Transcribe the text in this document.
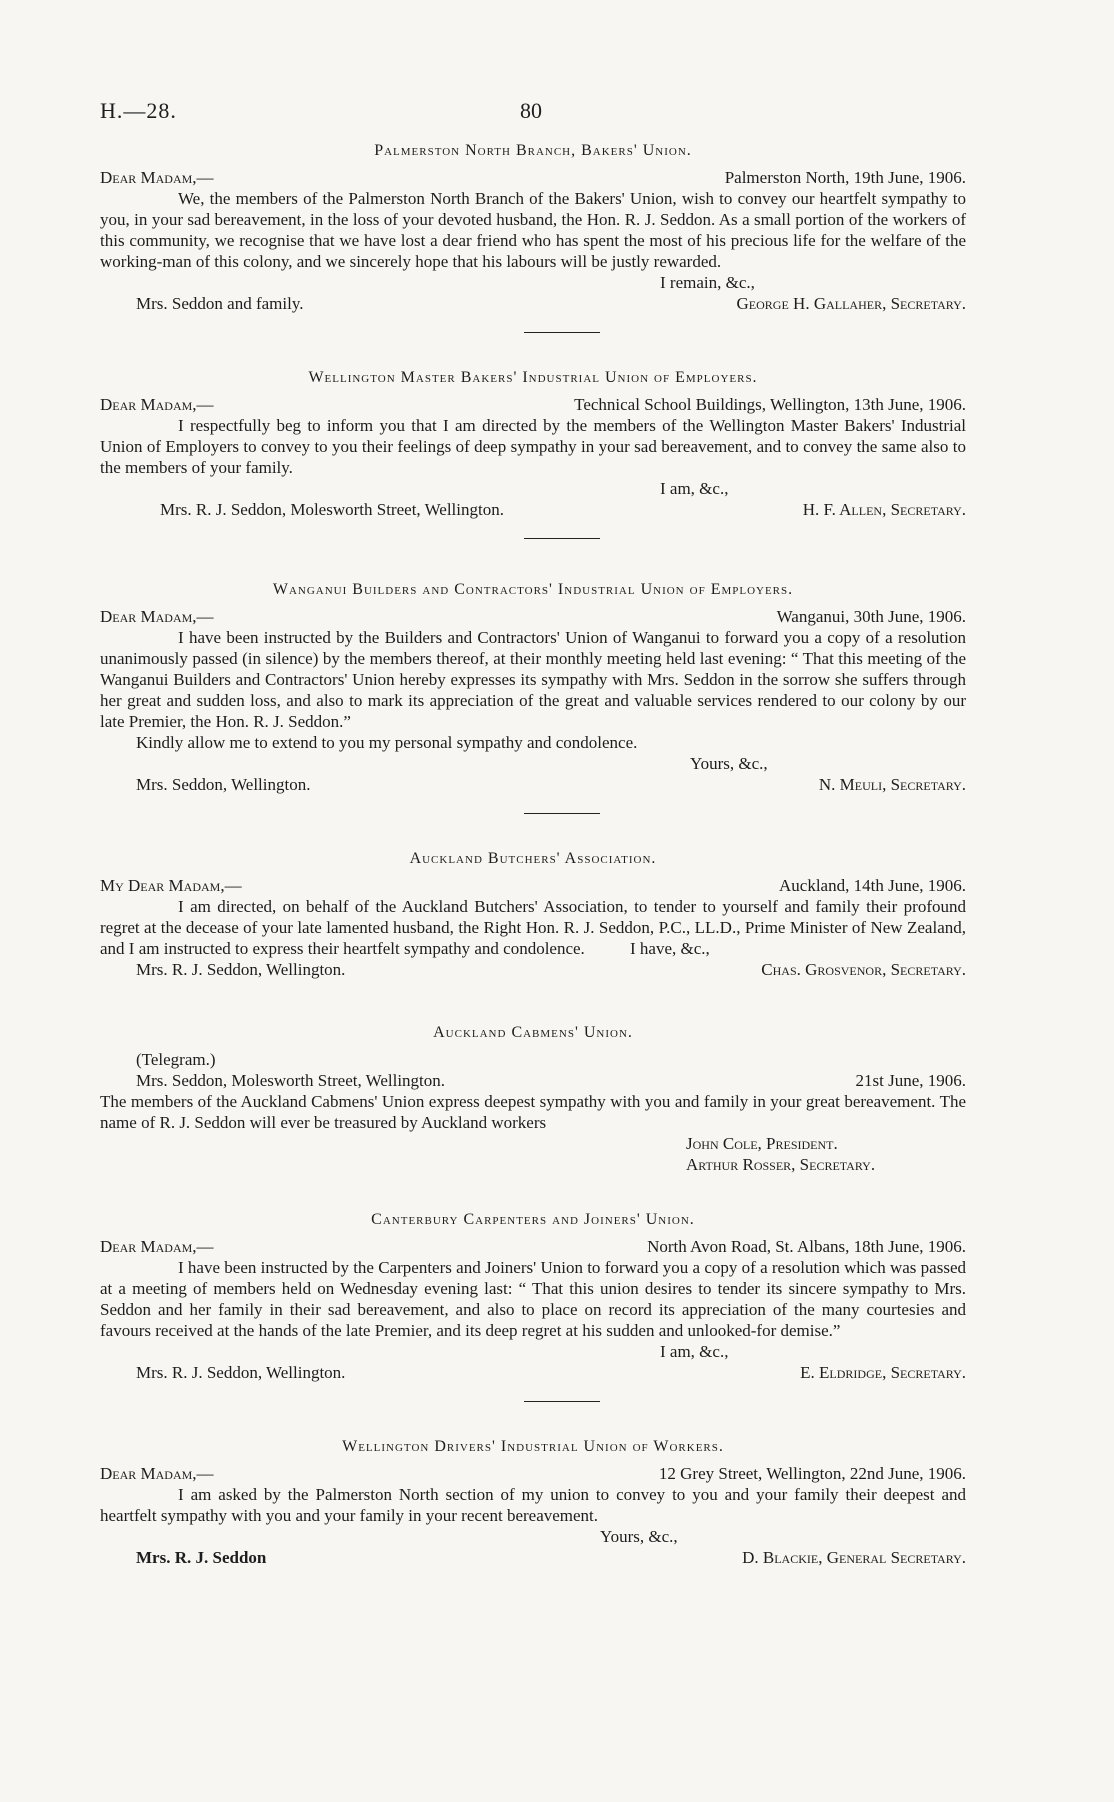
H.—28.	80
Palmerston North Branch, Bakers' Union.
Dear Madam,—	Palmerston North, 19th June, 1906.

We, the members of the Palmerston North Branch of the Bakers' Union, wish to convey our heartfelt sympathy to you, in your sad bereavement, in the loss of your devoted husband, the Hon. R. J. Seddon. As a small portion of the workers of this community, we recognise that we have lost a dear friend who has spent the most of his precious life for the welfare of the working-man of this colony, and we sincerely hope that his labours will be justly rewarded.

I remain, &c.,
Mrs. Seddon and family.	George H. Gallaher, Secretary.
Wellington Master Bakers' Industrial Union of Employers.
Dear Madam,—	Technical School Buildings, Wellington, 13th June, 1906.

I respectfully beg to inform you that I am directed by the members of the Wellington Master Bakers' Industrial Union of Employers to convey to you their feelings of deep sympathy in your sad bereavement, and to convey the same also to the members of your family.

I am, &c.,
Mrs. R. J. Seddon, Molesworth Street, Wellington.	H. F. Allen, Secretary.
Wanganui Builders and Contractors' Industrial Union of Employers.
Dear Madam,—	Wanganui, 30th June, 1906.

I have been instructed by the Builders and Contractors' Union of Wanganui to forward you a copy of a resolution unanimously passed (in silence) by the members thereof, at their monthly meeting held last evening: “ That this meeting of the Wanganui Builders and Contractors' Union hereby expresses its sympathy with Mrs. Seddon in the sorrow she suffers through her great and sudden loss, and also to mark its appreciation of the great and valuable services rendered to our colony by our late Premier, the Hon. R. J. Seddon.”

Kindly allow me to extend to you my personal sympathy and condolence.

Yours, &c.,
Mrs. Seddon, Wellington.	N. Meuli, Secretary.
Auckland Butchers' Association.
My Dear Madam,—	Auckland, 14th June, 1906.

I am directed, on behalf of the Auckland Butchers' Association, to tender to yourself and family their profound regret at the decease of your late lamented husband, the Right Hon. R. J. Seddon, P.C., LL.D., Prime Minister of New Zealand, and I am instructed to express their heartfelt sympathy and condolence.	I have, &c.,
Mrs. R. J. Seddon, Wellington.	Chas. Grosvenor, Secretary.
Auckland Cabmens' Union.
(Telegram.)
Mrs. Seddon, Molesworth Street, Wellington.	21st June, 1906.

The members of the Auckland Cabmens' Union express deepest sympathy with you and family in your great bereavement. The name of R. J. Seddon will ever be treasured by Auckland workers

John Cole, President.
Arthur Rosser, Secretary.
Canterbury Carpenters and Joiners' Union.
Dear Madam,—	North Avon Road, St. Albans, 18th June, 1906.

I have been instructed by the Carpenters and Joiners' Union to forward you a copy of a resolution which was passed at a meeting of members held on Wednesday evening last: “ That this union desires to tender its sincere sympathy to Mrs. Seddon and her family in their sad bereavement, and also to place on record its appreciation of the many courtesies and favours received at the hands of the late Premier, and its deep regret at his sudden and unlooked-for demise.”

I am, &c.,
Mrs. R. J. Seddon, Wellington.	E. Eldridge, Secretary.
Wellington Drivers' Industrial Union of Workers.
Dear Madam,—	12 Grey Street, Wellington, 22nd June, 1906.

I am asked by the Palmerston North section of my union to convey to you and your family their deepest and heartfelt sympathy with you and your family in your recent bereavement.

Yours, &c.,
Mrs. R. J. Seddon	D. Blackie, General Secretary.
